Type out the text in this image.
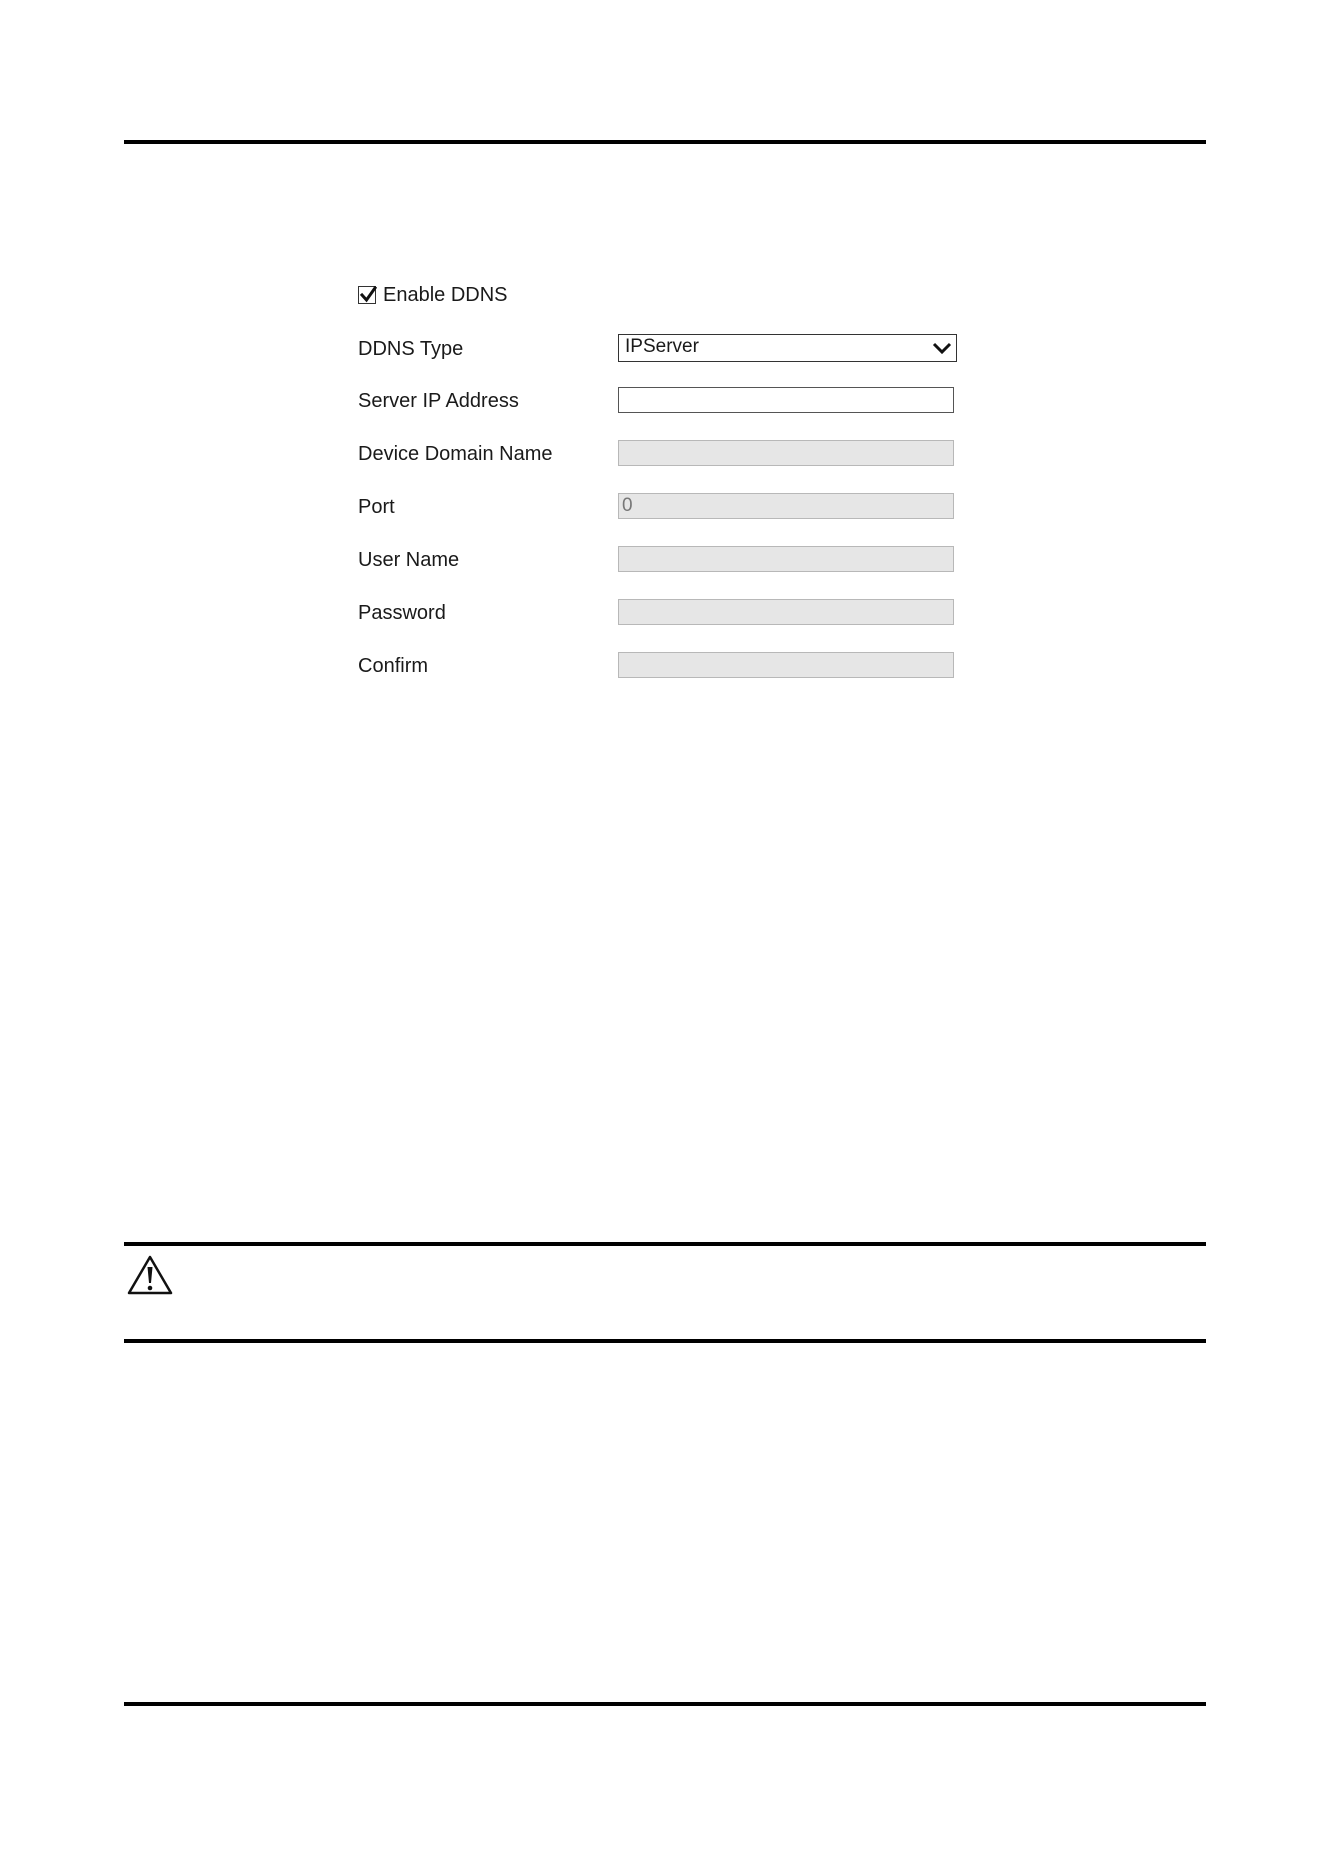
Enable DDNS
DDNS Type	IPServer
Server IP Address
Device Domain Name
Port	0
User Name
Password
Confirm
